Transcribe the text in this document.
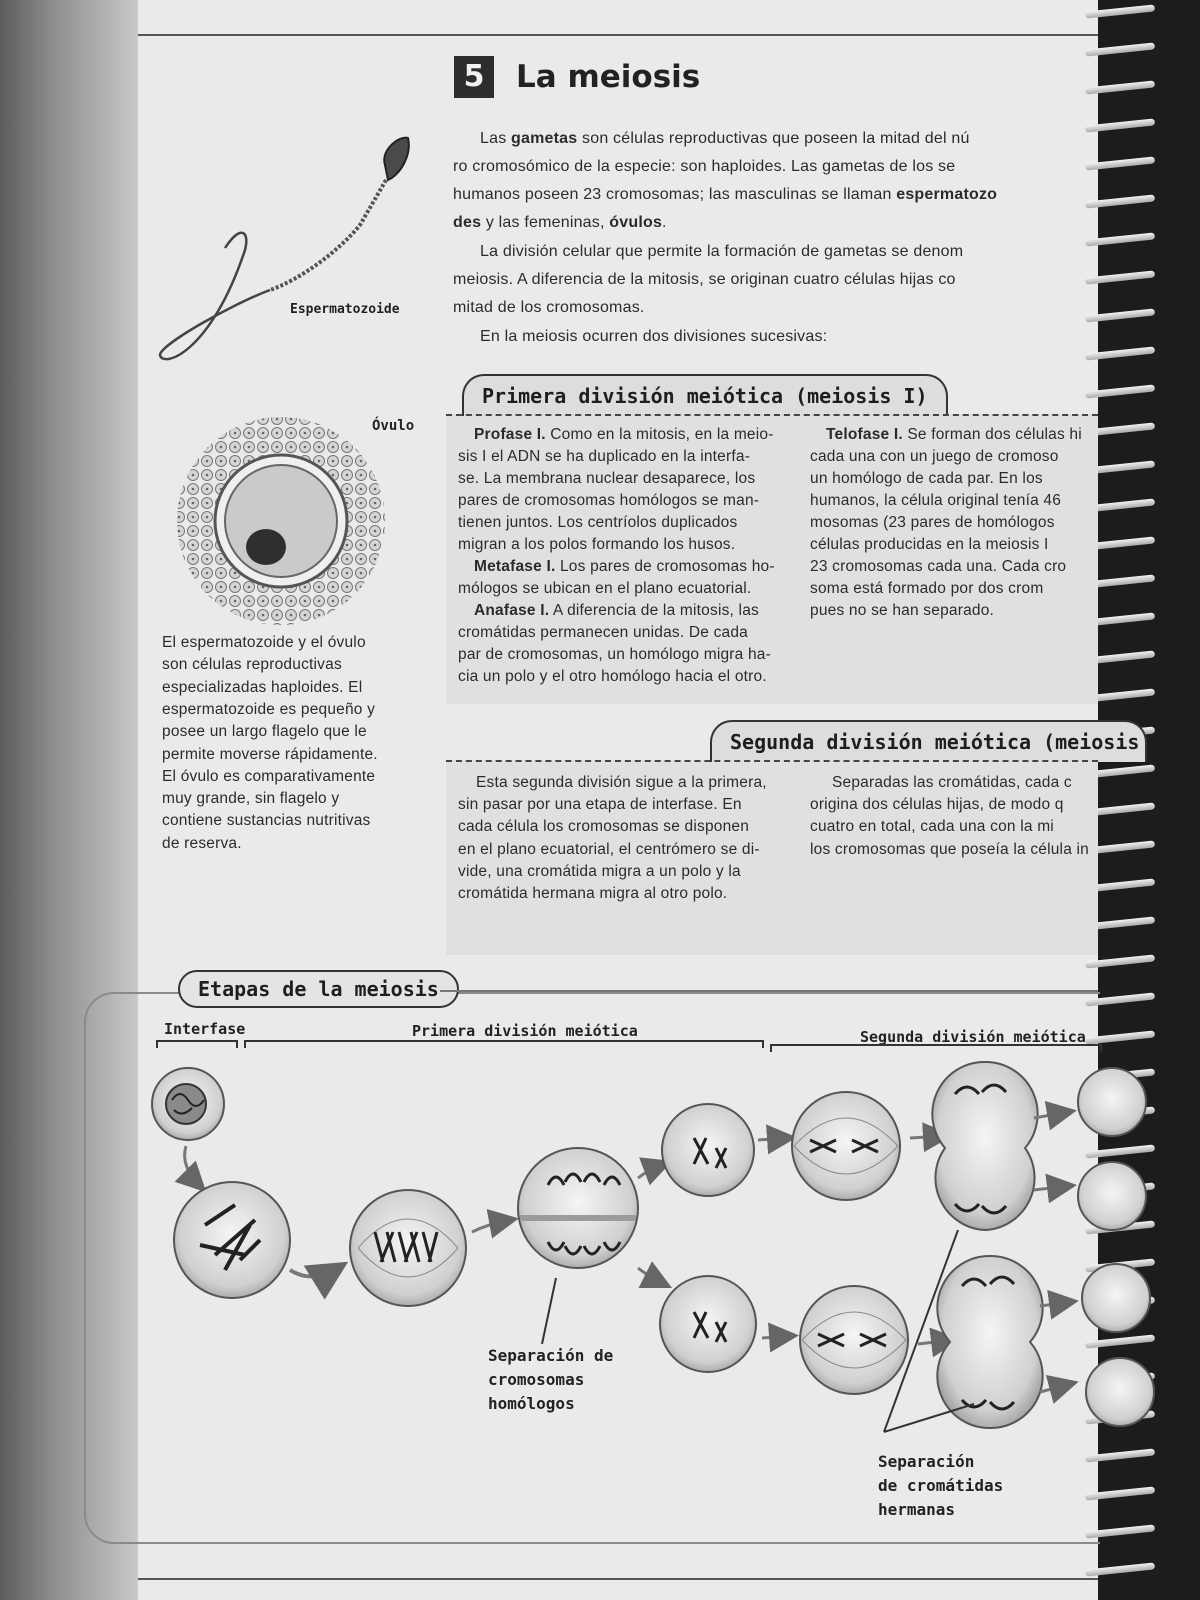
5	La meiosis

Las gametas son células reproductivas que poseen la mitad del nú

ro cromosómico de la especie: son haploides. Las gametas de los se

humanos poseen 23 cromosomas; las masculinas se llaman espermatozo

des y las femeninas, óvulos.

La división celular que permite la formación de gametas se denom

meiosis. A diferencia de la mitosis, se originan cuatro células hijas co

mitad de los cromosomas.

En la meiosis ocurren dos divisiones sucesivas:

Espermatozoide
Óvulo

El espermatozoide y el óvulo

son células reproductivas

especializadas haploides. El

espermatozoide es pequeño y

posee un largo flagelo que le

permite moverse rápidamente.

El óvulo es comparativamente

muy grande, sin flagelo y

contiene sustancias nutritivas

de reserva.

Primera división meiótica (meiosis I)

Profase I. Como en la mitosis, en la meio-

sis I el ADN se ha duplicado en la interfa-

se. La membrana nuclear desaparece, los

pares de cromosomas homólogos se man-

tienen juntos. Los centríolos duplicados

migran a los polos formando los husos.

Metafase I. Los pares de cromosomas ho-

mólogos se ubican en el plano ecuatorial.

Anafase I. A diferencia de la mitosis, las

cromátidas permanecen unidas. De cada

par de cromosomas, un homólogo migra ha-

cia un polo y el otro homólogo hacia el otro.

Telofase I. Se forman dos células hi

cada una con un juego de cromoso

un homólogo de cada par. En los

humanos, la célula original tenía 46

mosomas (23 pares de homólogos

células producidas en la meiosis I

23 cromosomas cada una. Cada cro

soma está formado por dos crom

pues no se han separado.

Segunda división meiótica (meiosis

Esta segunda división sigue a la primera,

sin pasar por una etapa de interfase. En

cada célula los cromosomas se disponen

en el plano ecuatorial, el centrómero se di-

vide, una cromátida migra a un polo y la

cromátida hermana migra al otro polo.

Separadas las cromátidas, cada c

origina dos células hijas, de modo q

cuatro en total, cada una con la mi

los cromosomas que poseía la célula in

Etapas de la meiosis
Interfase	Primera división meiótica	Segunda división meiótica
Separación de
cromosomas
homólogos
Separación
de cromátidas
hermanas
